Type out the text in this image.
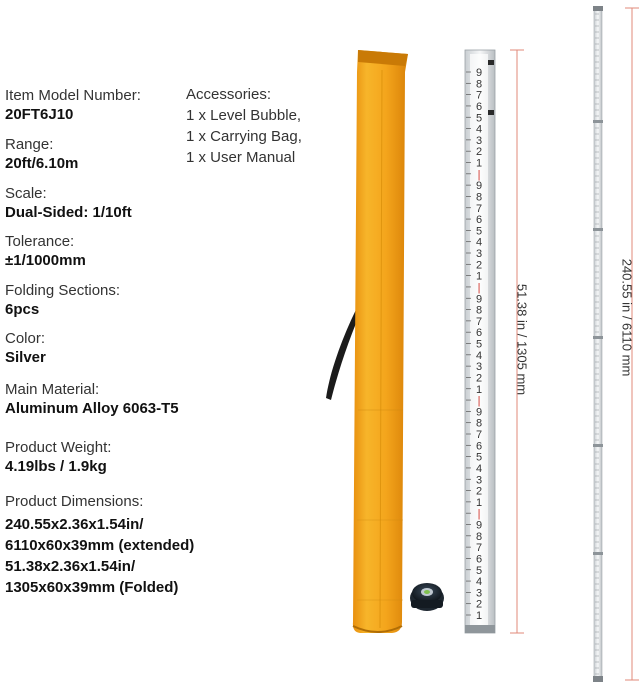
Item Model Number:
20FT6J10
Range:
20ft/6.10m
Scale:
Dual-Sided: 1/10ft
Tolerance:
±1/1000mm
Folding Sections:
6pcs
Color:
Silver
Main Material:
Aluminum Alloy 6063-T5
Product Weight:
4.19lbs / 1.9kg
Product Dimensions:
240.55x2.36x1.54in/
6110x60x39mm (extended)
51.38x2.36x1.54in/
1305x60x39mm (Folded)
Accessories:
1 x Level Bubble,
1 x Carrying Bag,
1 x User Manual
9
8
7
6
5
4
3
2
1
|
9
8
7
6
5
4
3
2
1
|
9
8
7
6
5
4
3
2
1
|
9
8
7
6
5
4
3
2
1
|
9
8
7
6
5
4
3
2
1
51.38 in / 1305 mm	240.55 in / 6110 mm
